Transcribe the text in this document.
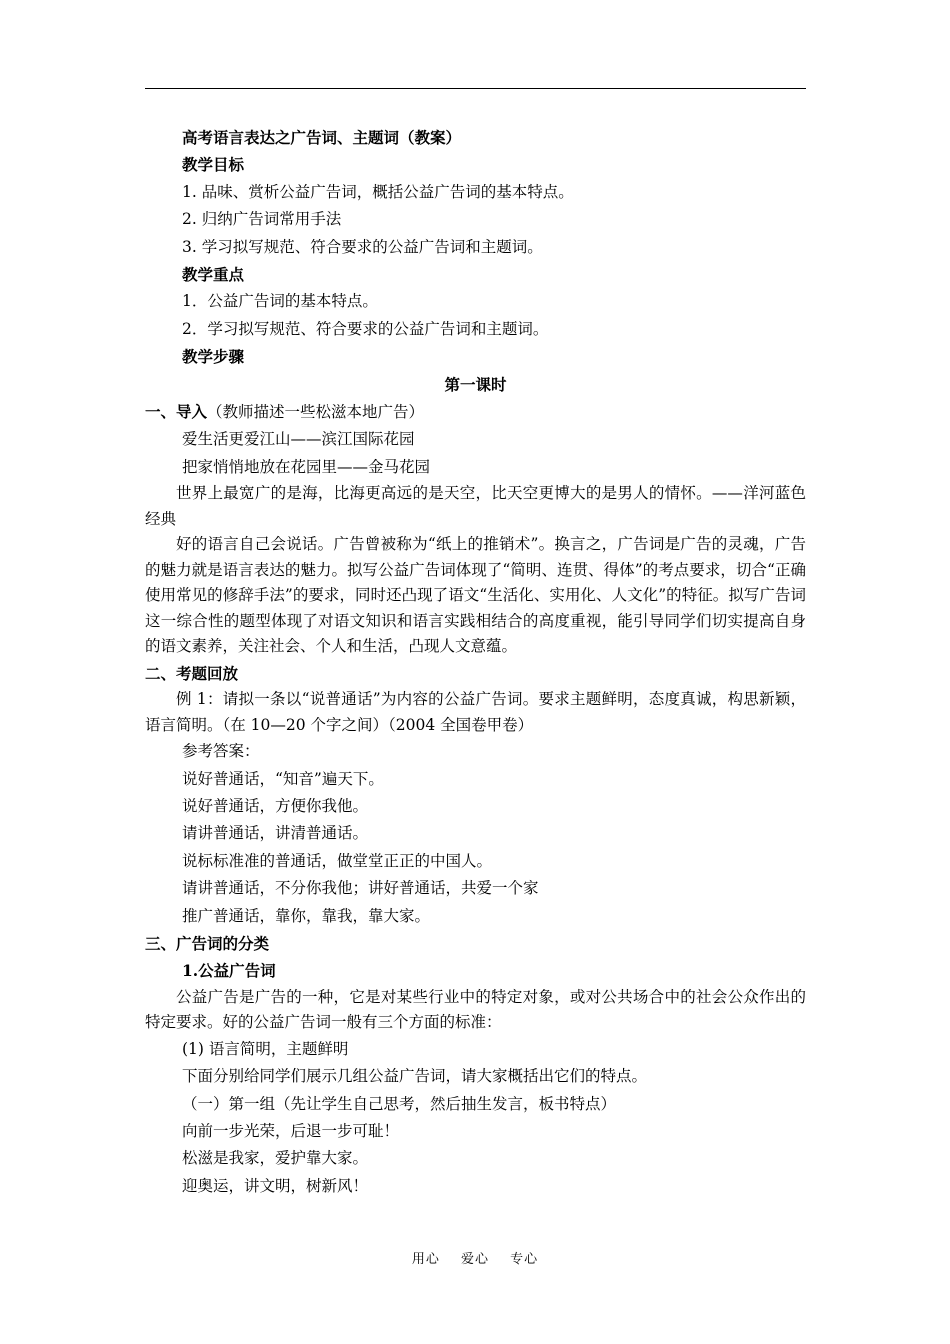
高考语言表达之广告词、主题词（教案）
教学目标
1. 品味、赏析公益广告词，概括公益广告词的基本特点。
2. 归纳广告词常用手法
3. 学习拟写规范、符合要求的公益广告词和主题词。
教学重点
1．公益广告词的基本特点。
2．学习拟写规范、符合要求的公益广告词和主题词。
教学步骤
第一课时
一、导入（教师描述一些松滋本地广告）
爱生活更爱江山——滨江国际花园
把家悄悄地放在花园里——金马花园
世界上最宽广的是海，比海更高远的是天空，比天空更博大的是男人的情怀。——洋河蓝色经典
好的语言自己会说话。广告曾被称为“纸上的推销术”。换言之，广告词是广告的灵魂，广告的魅力就是语言表达的魅力。拟写公益广告词体现了“简明、连贯、得体”的考点要求，切合“正确使用常见的修辞手法”的要求，同时还凸现了语文“生活化、实用化、人文化”的特征。拟写广告词这一综合性的题型体现了对语文知识和语言实践相结合的高度重视，能引导同学们切实提高自身的语文素养，关注社会、个人和生活，凸现人文意蕴。
二、考题回放
例 1：请拟一条以“说普通话”为内容的公益广告词。要求主题鲜明，态度真诚，构思新颖，语言简明。（在 10—20 个字之间）（2004 全国卷甲卷）
参考答案：
说好普通话，“知音”遍天下。
说好普通话，方便你我他。
请讲普通话，讲清普通话。
说标标准准的普通话，做堂堂正正的中国人。
请讲普通话，不分你我他；讲好普通话，共爱一个家
推广普通话，靠你，靠我，靠大家。
三、广告词的分类
1.公益广告词
公益广告是广告的一种，它是对某些行业中的特定对象，或对公共场合中的社会公众作出的特定要求。好的公益广告词一般有三个方面的标准：
(1) 语言简明，主题鲜明
下面分别给同学们展示几组公益广告词，请大家概括出它们的特点。
（一）第一组（先让学生自己思考，然后抽生发言，板书特点）
向前一步光荣，后退一步可耻！
松滋是我家，爱护靠大家。
迎奥运，讲文明，树新风！
用心 爱心 专心
